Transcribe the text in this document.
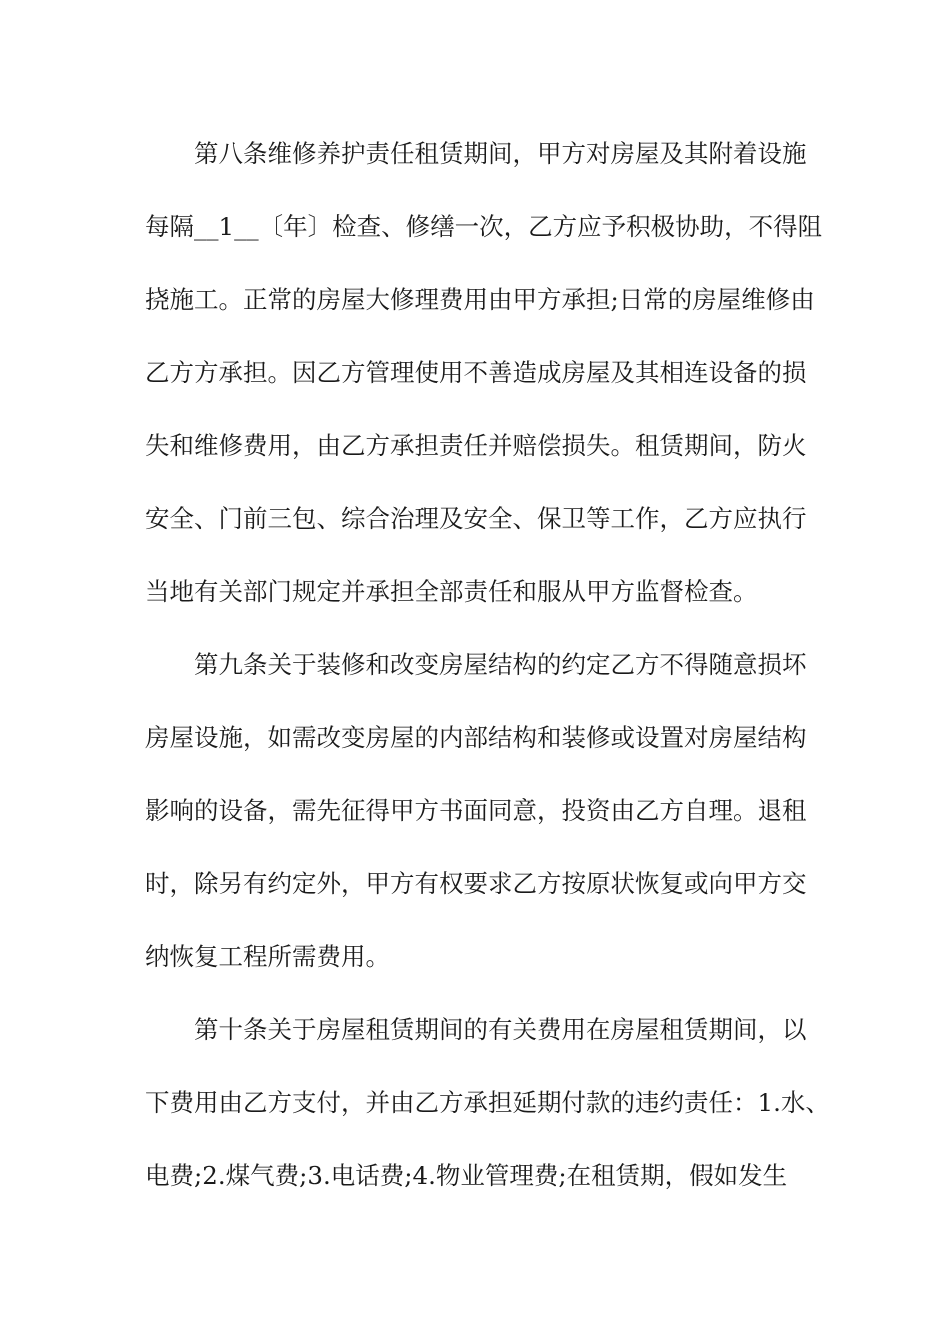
第八条维修养护责任租赁期间，甲方对房屋及其附着设施
每隔__1__〔年〕检查、修缮一次，乙方应予积极协助，不得阻
挠施工。正常的房屋大修理费用由甲方承担;日常的房屋维修由
乙方方承担。因乙方管理使用不善造成房屋及其相连设备的损
失和维修费用，由乙方承担责任并赔偿损失。租赁期间，防火
安全、门前三包、综合治理及安全、保卫等工作，乙方应执行
当地有关部门规定并承担全部责任和服从甲方监督检查。
第九条关于装修和改变房屋结构的约定乙方不得随意损坏
房屋设施，如需改变房屋的内部结构和装修或设置对房屋结构
影响的设备，需先征得甲方书面同意，投资由乙方自理。退租
时，除另有约定外，甲方有权要求乙方按原状恢复或向甲方交
纳恢复工程所需费用。
第十条关于房屋租赁期间的有关费用在房屋租赁期间，以
下费用由乙方支付，并由乙方承担延期付款的违约责任：1.水、
电费;2.煤气费;3.电话费;4.物业管理费;在租赁期，假如发生
